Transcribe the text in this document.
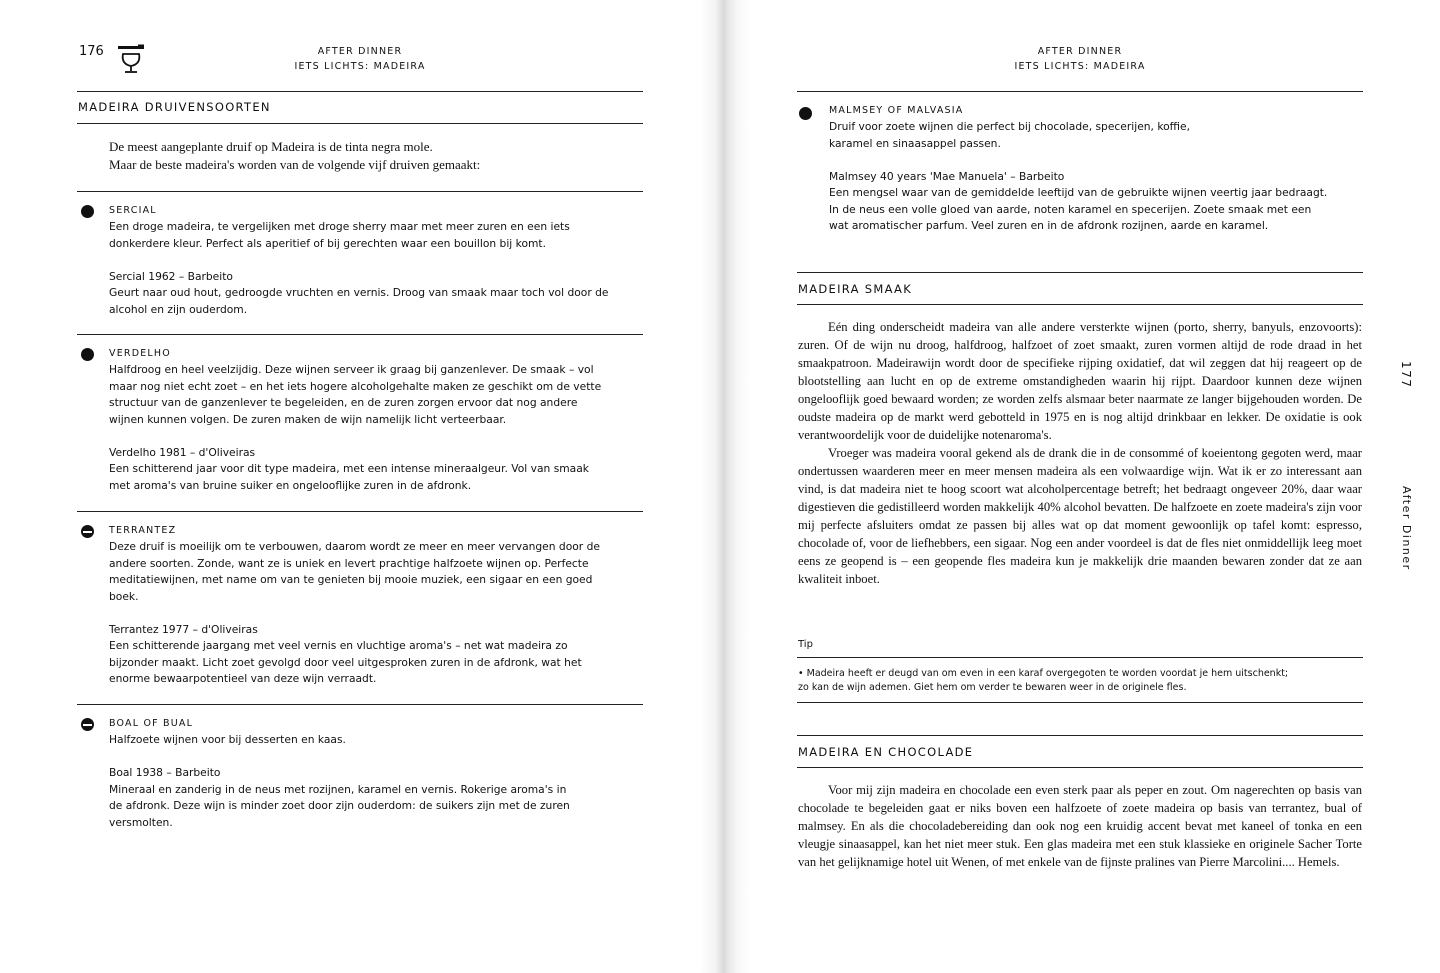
176	AFTER DINNER
IETS LICHTS: MADEIRA
MADEIRA DRUIVENSOORTEN
De meest aangeplante druif op Madeira is de tinta negra mole.
Maar de beste madeira's worden van de volgende vijf druiven gemaakt:
SERCIAL

Een droge madeira, te vergelijken met droge sherry maar met meer zuren en een iets

donkerdere kleur. Perfect als aperitief of bij gerechten waar een bouillon bij komt.

Sercial 1962 – Barbeito

Geurt naar oud hout, gedroogde vruchten en vernis. Droog van smaak maar toch vol door de

alcohol en zijn ouderdom.

VERDELHO

Halfdroog en heel veelzijdig. Deze wijnen serveer ik graag bij ganzenlever. De smaak – vol

maar nog niet echt zoet – en het iets hogere alcoholgehalte maken ze geschikt om de vette

structuur van de ganzenlever te begeleiden, en de zuren zorgen ervoor dat nog andere

wijnen kunnen volgen. De zuren maken de wijn namelijk licht verteerbaar.

Verdelho 1981 – d'Oliveiras

Een schitterend jaar voor dit type madeira, met een intense mineraalgeur. Vol van smaak

met aroma's van bruine suiker en ongelooflijke zuren in de afdronk.

TERRANTEZ

Deze druif is moeilijk om te verbouwen, daarom wordt ze meer en meer vervangen door de

andere soorten. Zonde, want ze is uniek en levert prachtige halfzoete wijnen op. Perfecte

meditatiewijnen, met name om van te genieten bij mooie muziek, een sigaar en een goed

boek.

Terrantez 1977 – d'Oliveiras

Een schitterende jaargang met veel vernis en vluchtige aroma's – net wat madeira zo

bijzonder maakt. Licht zoet gevolgd door veel uitgesproken zuren in de afdronk, wat het

enorme bewaarpotentieel van deze wijn verraadt.

BOAL OF BUAL

Halfzoete wijnen voor bij desserten en kaas.

Boal 1938 – Barbeito

Mineraal en zanderig in de neus met rozijnen, karamel en vernis. Rokerige aroma's in

de afdronk. Deze wijn is minder zoet door zijn ouderdom: de suikers zijn met de zuren

versmolten.

AFTER DINNER
IETS LICHTS: MADEIRA
MALMSEY OF MALVASIA

Druif voor zoete wijnen die perfect bij chocolade, specerijen, koffie,

karamel en sinaasappel passen.

Malmsey 40 years 'Mae Manuela' – Barbeito

Een mengsel waar van de gemiddelde leeftijd van de gebruikte wijnen veertig jaar bedraagt.

In de neus een volle gloed van aarde, noten karamel en specerijen. Zoete smaak met een

wat aromatischer parfum. Veel zuren en in de afdronk rozijnen, aarde en karamel.

MADEIRA SMAAK

Eén ding onderscheidt madeira van alle andere versterkte wijnen (porto, sherry, banyuls, enzovoorts): zuren. Of de wijn nu droog, halfdroog, halfzoet of zoet smaakt, zuren vormen altijd de rode draad in het smaakpatroon. Madeirawijn wordt door de specifieke rijping oxidatief, dat wil zeggen dat hij reageert op de blootstelling aan lucht en op de extreme omstandigheden waarin hij rijpt. Daardoor kunnen deze wijnen ongelooflijk goed bewaard worden; ze worden zelfs alsmaar beter naarmate ze langer bijgehouden worden. De oudste madeira op de markt werd gebotteld in 1975 en is nog altijd drinkbaar en lekker. De oxidatie is ook verantwoordelijk voor de duidelijke notenaroma's.

Vroeger was madeira vooral gekend als de drank die in de consommé of koeientong gegoten werd, maar ondertussen waarderen meer en meer mensen madeira als een volwaardige wijn. Wat ik er zo interessant aan vind, is dat madeira niet te hoog scoort wat alcoholpercentage betreft; het bedraagt ongeveer 20%, daar waar digestieven die gedistilleerd worden makkelijk 40% alcohol bevatten. De halfzoete en zoete madeira's zijn voor mij perfecte afsluiters omdat ze passen bij alles wat op dat moment gewoonlijk op tafel komt: espresso, chocolade of, voor de liefhebbers, een sigaar. Nog een ander voordeel is dat de fles niet onmiddellijk leeg moet eens ze geopend is – een geopende fles madeira kun je makkelijk drie maanden bewaren zonder dat ze aan kwaliteit inboet.

Tip
• Madeira heeft er deugd van om even in een karaf overgegoten te worden voordat je hem uitschenkt;
zo kan de wijn ademen. Giet hem om verder te bewaren weer in de originele fles.
MADEIRA EN CHOCOLADE

Voor mij zijn madeira en chocolade een even sterk paar als peper en zout. Om nagerechten op basis van chocolade te begeleiden gaat er niks boven een halfzoete of zoete madeira op basis van terrantez, bual of malmsey. En als die chocoladebereiding dan ook nog een kruidig accent bevat met kaneel of tonka en een vleugje sinaasappel, kan het niet meer stuk. Een glas madeira met een stuk klassieke en originele Sacher Torte van het gelijknamige hotel uit Wenen, of met enkele van de fijnste pralines van Pierre Marcolini.... Hemels.

177
After Dinner
